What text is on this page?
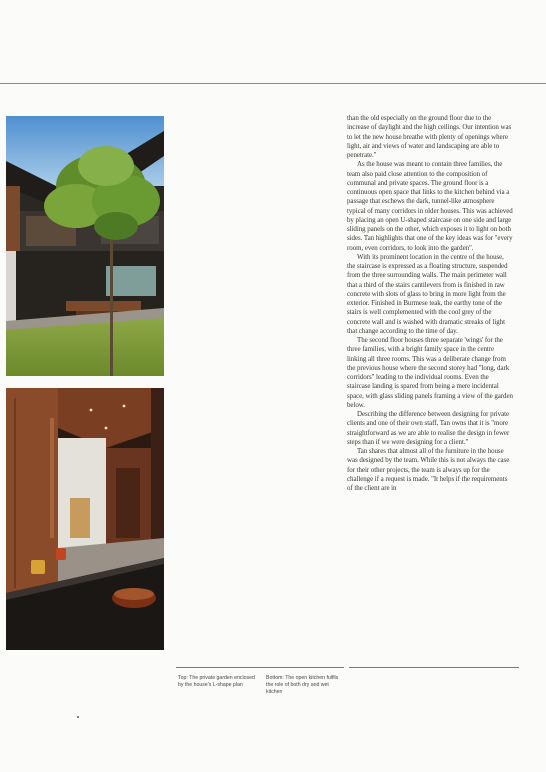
than the old especially on the ground floor due to the increase of daylight and the high ceilings. Our intention was to let the new house breathe with plenty of openings where light, air and views of water and landscaping are able to penetrate."

As the house was meant to contain three families, the team also paid close attention to the composition of communal and private spaces. The ground floor is a continuous open space that links to the kitchen behind via a passage that eschews the dark, tunnel-like atmosphere typical of many corridors in older houses. This was achieved by placing an open U-shaped staircase on one side and large sliding panels on the other, which exposes it to light on both sides. Tan highlights that one of the key ideas was for "every room, even corridors, to look into the garden".

With its prominent location in the centre of the house, the staircase is expressed as a floating structure, suspended from the three surrounding walls. The main perimeter wall that a third of the stairs cantilevers from is finished in raw concrete with slots of glass to bring in more light from the exterior. Finished in Burmese teak, the earthy tone of the stairs is well complemented with the cool grey of the concrete wall and is washed with dramatic streaks of light that change according to the time of day.

The second floor houses three separate 'wings' for the three families, with a bright family space in the centre linking all three rooms. This was a deliberate change from the previous house where the second storey had "long, dark corridors" leading to the individual rooms. Even the staircase landing is spared from being a mere incidental space, with glass sliding panels framing a view of the garden below.

Describing the difference between designing for private clients and one of their own staff, Tan owns that it is "more straightforward as we are able to realise the design in fewer steps than if we were designing for a client."

Tan shares that almost all of the furniture in the house was designed by the team. While this is not always the case for their other projects, the team is always up for the challenge if a request is made. "It helps if the requirements of the client are in

Top: The private garden enclosed by the house's L-shape plan
Bottom: The open kitchen fulfils the role of both dry and wet kitchen
